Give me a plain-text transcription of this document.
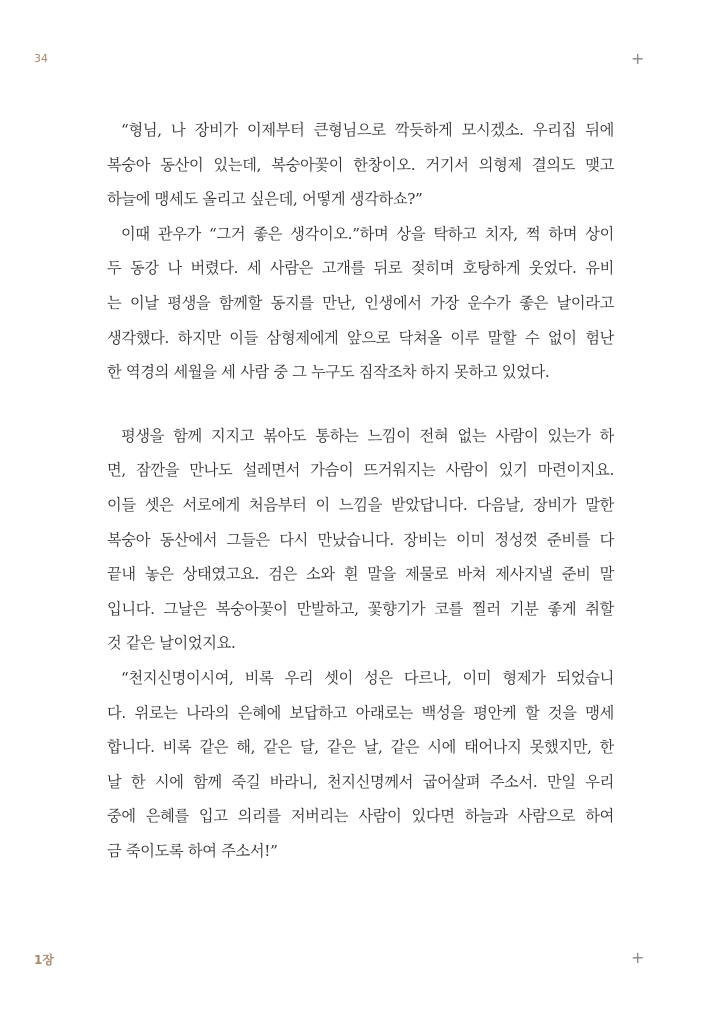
34	+
“형님, 나 장비가 이제부터 큰형님으로 깍듯하게 모시겠소. 우리집 뒤에
복숭아 동산이 있는데, 복숭아꽃이 한창이오. 거기서 의형제 결의도 맺고
하늘에 맹세도 올리고 싶은데, 어떻게 생각하쇼?”
이때 관우가 “그거 좋은 생각이오.”하며 상을 탁하고 치자, 쩍 하며 상이
두 동강 나 버렸다. 세 사람은 고개를 뒤로 젖히며 호탕하게 웃었다. 유비
는 이날 평생을 함께할 동지를 만난, 인생에서 가장 운수가 좋은 날이라고
생각했다. 하지만 이들 삼형제에게 앞으로 닥쳐올 이루 말할 수 없이 험난
한 역경의 세월을 세 사람 중 그 누구도 짐작조차 하지 못하고 있었다.
평생을 함께 지지고 볶아도 통하는 느낌이 전혀 없는 사람이 있는가 하
면, 잠깐을 만나도 설레면서 가슴이 뜨거워지는 사람이 있기 마련이지요.
이들 셋은 서로에게 처음부터 이 느낌을 받았답니다. 다음날, 장비가 말한
복숭아 동산에서 그들은 다시 만났습니다. 장비는 이미 정성껏 준비를 다
끝내 놓은 상태였고요. 검은 소와 흰 말을 제물로 바쳐 제사지낼 준비 말
입니다. 그날은 복숭아꽃이 만발하고, 꽃향기가 코를 찔러 기분 좋게 취할
것 같은 날이었지요.
“천지신명이시여, 비록 우리 셋이 성은 다르나, 이미 형제가 되었습니
다. 위로는 나라의 은혜에 보답하고 아래로는 백성을 평안케 할 것을 맹세
합니다. 비록 같은 해, 같은 달, 같은 날, 같은 시에 태어나지 못했지만, 한
날 한 시에 함께 죽길 바라니, 천지신명께서 굽어살펴 주소서. 만일 우리
중에 은혜를 입고 의리를 저버리는 사람이 있다면 하늘과 사람으로 하여
금 죽이도록 하여 주소서!”
1장	+
